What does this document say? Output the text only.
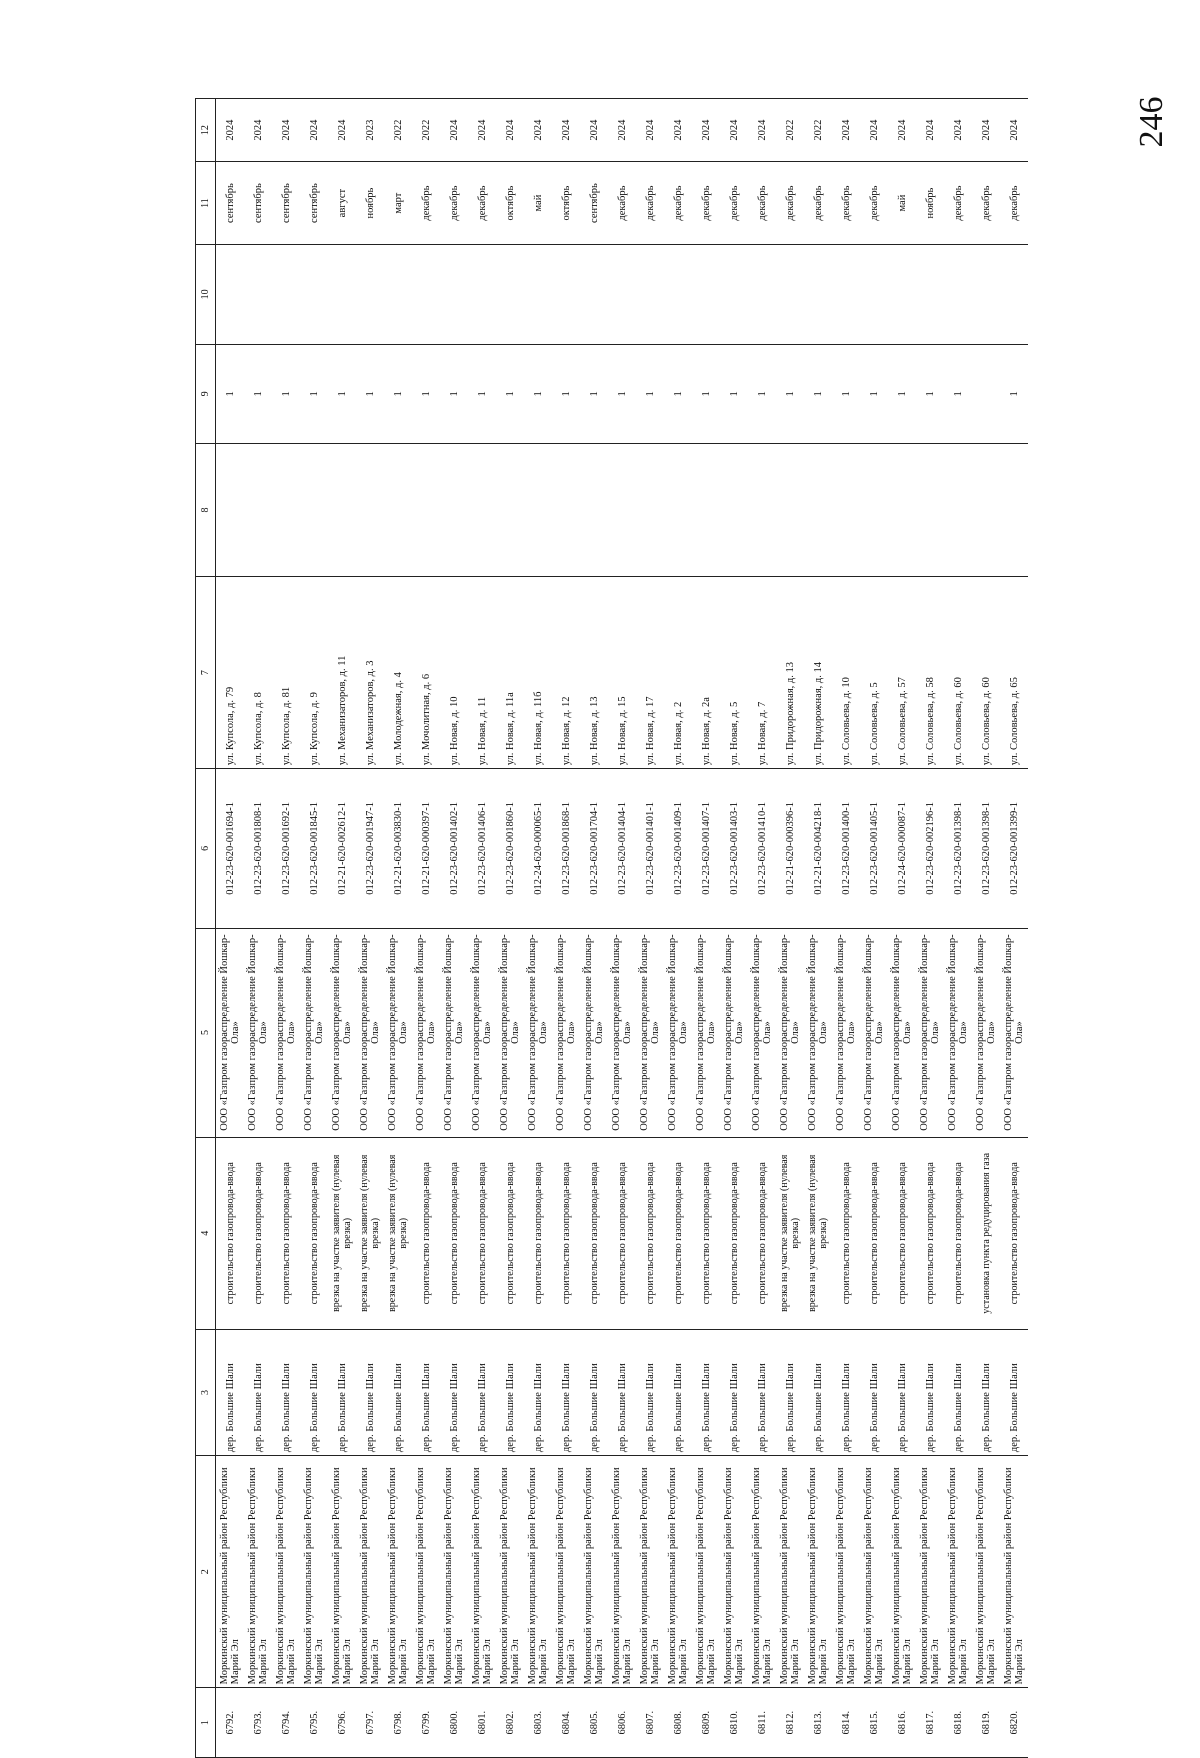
246
1	2	3	4	5	6	7	8	9	10	11	12
6792.	Моркинский муниципальный район Республики Марий Эл	дер. Большие Шали	строительство газопровода-ввода	ООО «Газпром газораспределение Йошкар-Ола»	012-23-620-001694-1	ул. Купсола, д. 79		1		сентябрь	2024
6793.	Моркинский муниципальный район Республики Марий Эл	дер. Большие Шали	строительство газопровода-ввода	ООО «Газпром газораспределение Йошкар-Ола»	012-23-620-001808-1	ул. Купсола, д. 8		1		сентябрь	2024
6794.	Моркинский муниципальный район Республики Марий Эл	дер. Большие Шали	строительство газопровода-ввода	ООО «Газпром газораспределение Йошкар-Ола»	012-23-620-001692-1	ул. Купсола, д. 81		1		сентябрь	2024
6795.	Моркинский муниципальный район Республики Марий Эл	дер. Большие Шали	строительство газопровода-ввода	ООО «Газпром газораспределение Йошкар-Ола»	012-23-620-001845-1	ул. Купсола, д. 9		1		сентябрь	2024
6796.	Моркинский муниципальный район Республики Марий Эл	дер. Большие Шали	врезка на участке заявителя (нулевая врезка)	ООО «Газпром газораспределение Йошкар-Ола»	012-21-620-002612-1	ул. Механизаторов, д. 11		1		август	2024
6797.	Моркинский муниципальный район Республики Марий Эл	дер. Большие Шали	врезка на участке заявителя (нулевая врезка)	ООО «Газпром газораспределение Йошкар-Ола»	012-23-620-001947-1	ул. Механизаторов, д. 3		1		ноябрь	2023
6798.	Моркинский муниципальный район Республики Марий Эл	дер. Большие Шали	врезка на участке заявителя (нулевая врезка)	ООО «Газпром газораспределение Йошкар-Ола»	012-21-620-003830-1	ул. Молодежная, д. 4		1		март	2022
6799.	Моркинский муниципальный район Республики Марий Эл	дер. Большие Шали	строительство газопровода-ввода	ООО «Газпром газораспределение Йошкар-Ола»	012-21-620-000397-1	ул. Мочолитная, д. 6		1		декабрь	2022
6800.	Моркинский муниципальный район Республики Марий Эл	дер. Большие Шали	строительство газопровода-ввода	ООО «Газпром газораспределение Йошкар-Ола»	012-23-620-001402-1	ул. Новая, д. 10		1		декабрь	2024
6801.	Моркинский муниципальный район Республики Марий Эл	дер. Большие Шали	строительство газопровода-ввода	ООО «Газпром газораспределение Йошкар-Ола»	012-23-620-001406-1	ул. Новая, д. 11		1		декабрь	2024
6802.	Моркинский муниципальный район Республики Марий Эл	дер. Большие Шали	строительство газопровода-ввода	ООО «Газпром газораспределение Йошкар-Ола»	012-23-620-001860-1	ул. Новая, д. 11а		1		октябрь	2024
6803.	Моркинский муниципальный район Республики Марий Эл	дер. Большие Шали	строительство газопровода-ввода	ООО «Газпром газораспределение Йошкар-Ола»	012-24-620-000065-1	ул. Новая, д. 11б		1		май	2024
6804.	Моркинский муниципальный район Республики Марий Эл	дер. Большие Шали	строительство газопровода-ввода	ООО «Газпром газораспределение Йошкар-Ола»	012-23-620-001868-1	ул. Новая, д. 12		1		октябрь	2024
6805.	Моркинский муниципальный район Республики Марий Эл	дер. Большие Шали	строительство газопровода-ввода	ООО «Газпром газораспределение Йошкар-Ола»	012-23-620-001704-1	ул. Новая, д. 13		1		сентябрь	2024
6806.	Моркинский муниципальный район Республики Марий Эл	дер. Большие Шали	строительство газопровода-ввода	ООО «Газпром газораспределение Йошкар-Ола»	012-23-620-001404-1	ул. Новая, д. 15		1		декабрь	2024
6807.	Моркинский муниципальный район Республики Марий Эл	дер. Большие Шали	строительство газопровода-ввода	ООО «Газпром газораспределение Йошкар-Ола»	012-23-620-001401-1	ул. Новая, д. 17		1		декабрь	2024
6808.	Моркинский муниципальный район Республики Марий Эл	дер. Большие Шали	строительство газопровода-ввода	ООО «Газпром газораспределение Йошкар-Ола»	012-23-620-001409-1	ул. Новая, д. 2		1		декабрь	2024
6809.	Моркинский муниципальный район Республики Марий Эл	дер. Большие Шали	строительство газопровода-ввода	ООО «Газпром газораспределение Йошкар-Ола»	012-23-620-001407-1	ул. Новая, д. 2а		1		декабрь	2024
6810.	Моркинский муниципальный район Республики Марий Эл	дер. Большие Шали	строительство газопровода-ввода	ООО «Газпром газораспределение Йошкар-Ола»	012-23-620-001403-1	ул. Новая, д. 5		1		декабрь	2024
6811.	Моркинский муниципальный район Республики Марий Эл	дер. Большие Шали	строительство газопровода-ввода	ООО «Газпром газораспределение Йошкар-Ола»	012-23-620-001410-1	ул. Новая, д. 7		1		декабрь	2024
6812.	Моркинский муниципальный район Республики Марий Эл	дер. Большие Шали	врезка на участке заявителя (нулевая врезка)	ООО «Газпром газораспределение Йошкар-Ола»	012-21-620-000396-1	ул. Придорожная, д. 13		1		декабрь	2022
6813.	Моркинский муниципальный район Республики Марий Эл	дер. Большие Шали	врезка на участке заявителя (нулевая врезка)	ООО «Газпром газораспределение Йошкар-Ола»	012-21-620-004218-1	ул. Придорожная, д. 14		1		декабрь	2022
6814.	Моркинский муниципальный район Республики Марий Эл	дер. Большие Шали	строительство газопровода-ввода	ООО «Газпром газораспределение Йошкар-Ола»	012-23-620-001400-1	ул. Соловьева, д. 10		1		декабрь	2024
6815.	Моркинский муниципальный район Республики Марий Эл	дер. Большие Шали	строительство газопровода-ввода	ООО «Газпром газораспределение Йошкар-Ола»	012-23-620-001405-1	ул. Соловьева, д. 5		1		декабрь	2024
6816.	Моркинский муниципальный район Республики Марий Эл	дер. Большие Шали	строительство газопровода-ввода	ООО «Газпром газораспределение Йошкар-Ола»	012-24-620-000087-1	ул. Соловьева, д. 57		1		май	2024
6817.	Моркинский муниципальный район Республики Марий Эл	дер. Большие Шали	строительство газопровода-ввода	ООО «Газпром газораспределение Йошкар-Ола»	012-23-620-002196-1	ул. Соловьева, д. 58		1		ноябрь	2024
6818.	Моркинский муниципальный район Республики Марий Эл	дер. Большие Шали	строительство газопровода-ввода	ООО «Газпром газораспределение Йошкар-Ола»	012-23-620-001398-1	ул. Соловьева, д. 60		1		декабрь	2024
6819.	Моркинский муниципальный район Республики Марий Эл	дер. Большие Шали	установка пункта редуцирования газа	ООО «Газпром газораспределение Йошкар-Ола»	012-23-620-001398-1	ул. Соловьева, д. 60				декабрь	2024
6820.	Моркинский муниципальный район Республики Марий Эл	дер. Большие Шали	строительство газопровода-ввода	ООО «Газпром газораспределение Йошкар-Ола»	012-23-620-001399-1	ул. Соловьева, д. 65		1		декабрь	2024
